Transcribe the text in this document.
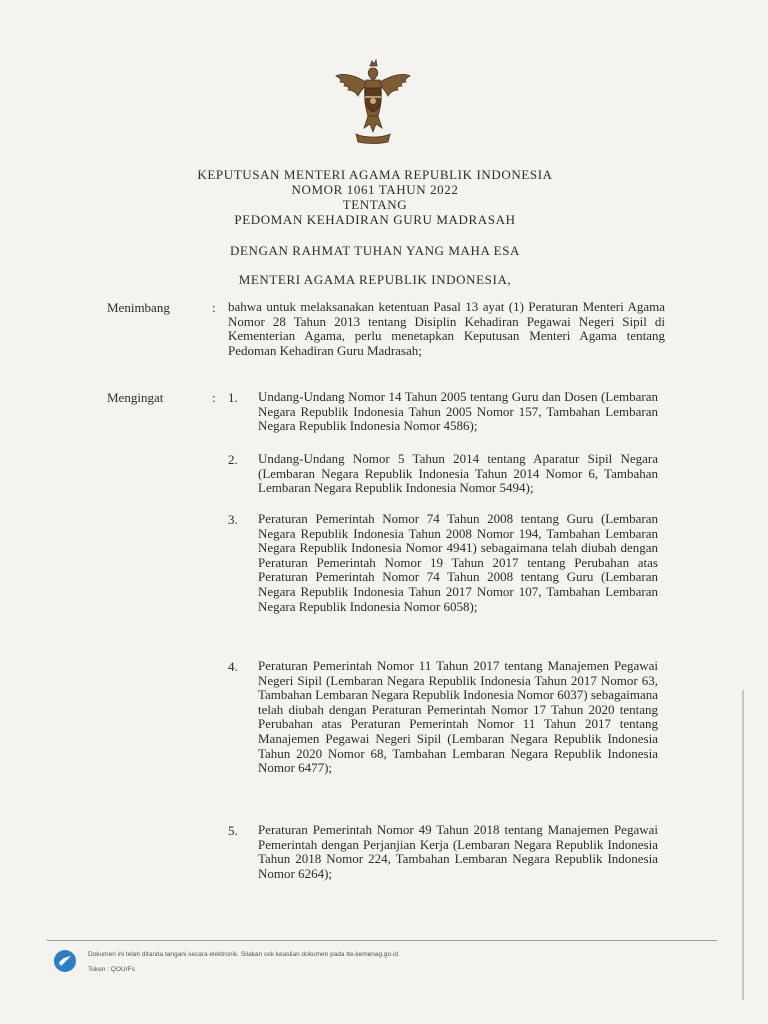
KEPUTUSAN MENTERI AGAMA REPUBLIK INDONESIA
NOMOR 1061 TAHUN 2022
TENTANG
PEDOMAN KEHADIRAN GURU MADRASAH
DENGAN RAHMAT TUHAN YANG MAHA ESA
MENTERI AGAMA REPUBLIK INDONESIA,
Menimbang	: bahwa untuk melaksanakan ketentuan Pasal 13 ayat (1) Peraturan Menteri Agama Nomor 28 Tahun 2013 tentang Disiplin Kehadiran Pegawai Negeri Sipil di Kementerian Agama, perlu menetapkan Keputusan Menteri Agama tentang Pedoman Kehadiran Guru Madrasah;
Mengingat	: 1. Undang-Undang Nomor 14 Tahun 2005 tentang Guru dan Dosen (Lembaran Negara Republik Indonesia Tahun 2005 Nomor 157, Tambahan Lembaran Negara Republik Indonesia Nomor 4586);
2. Undang-Undang Nomor 5 Tahun 2014 tentang Aparatur Sipil Negara (Lembaran Negara Republik Indonesia Tahun 2014 Nomor 6, Tambahan Lembaran Negara Republik Indonesia Nomor 5494);
3. Peraturan Pemerintah Nomor 74 Tahun 2008 tentang Guru (Lembaran Negara Republik Indonesia Tahun 2008 Nomor 194, Tambahan Lembaran Negara Republik Indonesia Nomor 4941) sebagaimana telah diubah dengan Peraturan Pemerintah Nomor 19 Tahun 2017 tentang Perubahan atas Peraturan Pemerintah Nomor 74 Tahun 2008 tentang Guru (Lembaran Negara Republik Indonesia Tahun 2017 Nomor 107, Tambahan Lembaran Negara Republik Indonesia Nomor 6058);
4. Peraturan Pemerintah Nomor 11 Tahun 2017 tentang Manajemen Pegawai Negeri Sipil (Lembaran Negara Republik Indonesia Tahun 2017 Nomor 63, Tambahan Lembaran Negara Republik Indonesia Nomor 6037) sebagaimana telah diubah dengan Peraturan Pemerintah Nomor 17 Tahun 2020 tentang Perubahan atas Peraturan Pemerintah Nomor 11 Tahun 2017 tentang Manajemen Pegawai Negeri Sipil (Lembaran Negara Republik Indonesia Tahun 2020 Nomor 68, Tambahan Lembaran Negara Republik Indonesia Nomor 6477);
5. Peraturan Pemerintah Nomor 49 Tahun 2018 tentang Manajemen Pegawai Pemerintah dengan Perjanjian Kerja (Lembaran Negara Republik Indonesia Tahun 2018 Nomor 224, Tambahan Lembaran Negara Republik Indonesia Nomor 6264);
Dokumen ini telah ditanda tangani secara elektronik. Silakan cek keaslian dokumen pada ttе.kemenag.go.id
Token : QOUrFs
